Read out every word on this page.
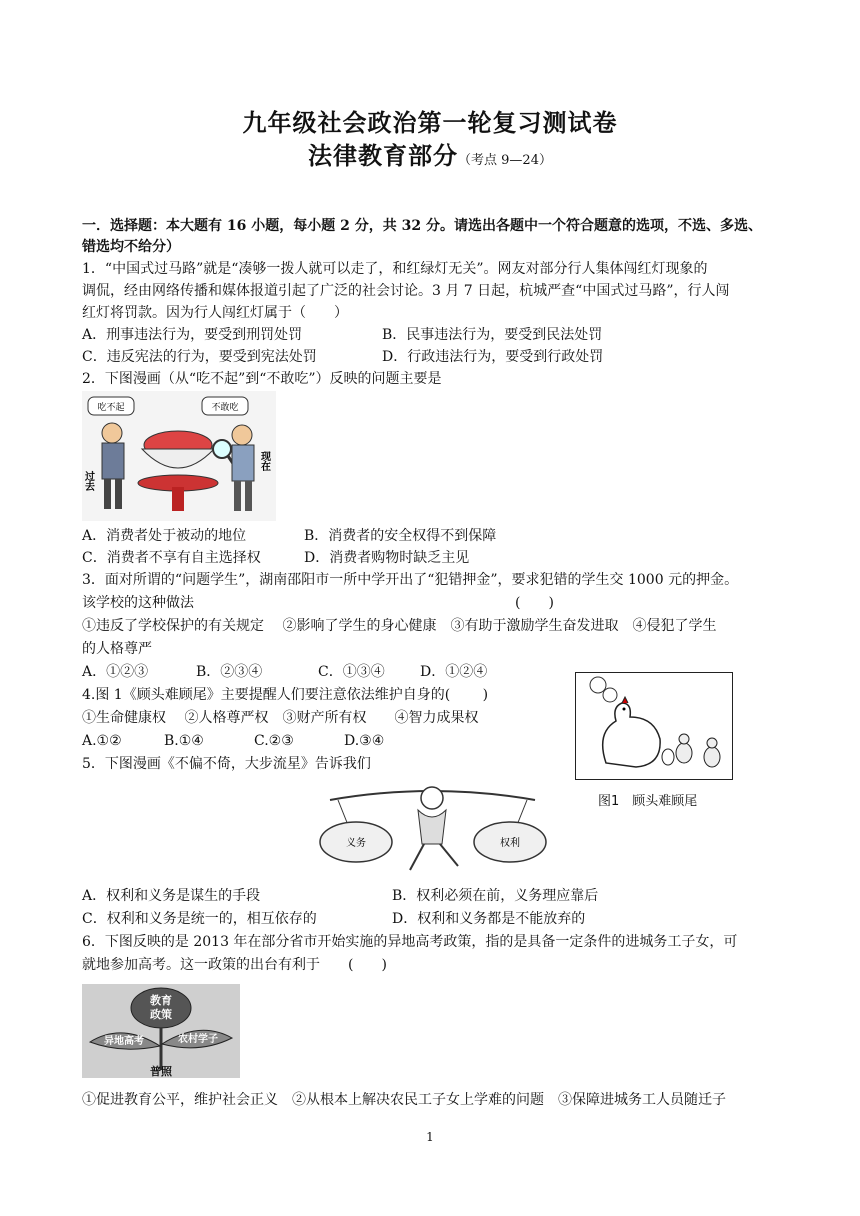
九年级社会政治第一轮复习测试卷
法律教育部分（考点 9—24）
一．选择题：本大题有 16 小题，每小题 2 分，共 32 分。请选出各题中一个符合题意的选项，不选、多选、
错选均不给分）
1．“中国式过马路”就是“凑够一拨人就可以走了，和红绿灯无关”。网友对部分行人集体闯红灯现象的
调侃，经由网络传播和媒体报道引起了广泛的社会讨论。3 月 7 日起，杭城严查“中国式过马路”，行人闯
红灯将罚款。因为行人闯红灯属于（　　）
A．刑事违法行为，要受到刑罚处罚	B．民事违法行为，要受到民法处罚
C．违反宪法的行为，要受到宪法处罚	D．行政违法行为，要受到行政处罚
2．下图漫画（从“吃不起”到“不敢吃”）反映的问题主要是
吃不起	不敢吃
过去
现在
A．消费者处于被动的地位	B．消费者的安全权得不到保障
C．消费者不享有自主选择权	D．消费者购物时缺乏主见
3．面对所谓的“问题学生”，湖南邵阳市一所中学开出了“犯错押金”，要求犯错的学生交 1000 元的押金。
该学校的这种做法	(　　)
①违反了学校保护的有关规定　 ②影响了学生的身心健康　③有助于激励学生奋发进取　④侵犯了学生
的人格尊严
A．①②③	B．②③④	C．①③④	D．①②④
4.图 1《顾头难顾尾》主要提醒人们要注意依法维护自身的(　　 )
①生命健康权　 ②人格尊严权　③财产所有权　　④智力成果权
A.①②	B.①④	C.②③	D.③④
图1　顾头难顾尾
5．下图漫画《不偏不倚，大步流星》告诉我们
义务	权利
A．权利和义务是谋生的手段	B．权利必须在前，义务理应靠后
C．权利和义务是统一的，相互依存的	D．权利和义务都是不能放弃的
6．下图反映的是 2013 年在部分省市开始实施的异地高考政策，指的是具备一定条件的进城务工子女，可
就地参加高考。这一政策的出台有利于　　(　　)
教育
政策
异地高考	农村学子
普照
①促进教育公平，维护社会正义　②从根本上解决农民工子女上学难的问题　③保障进城务工人员随迁子
1
